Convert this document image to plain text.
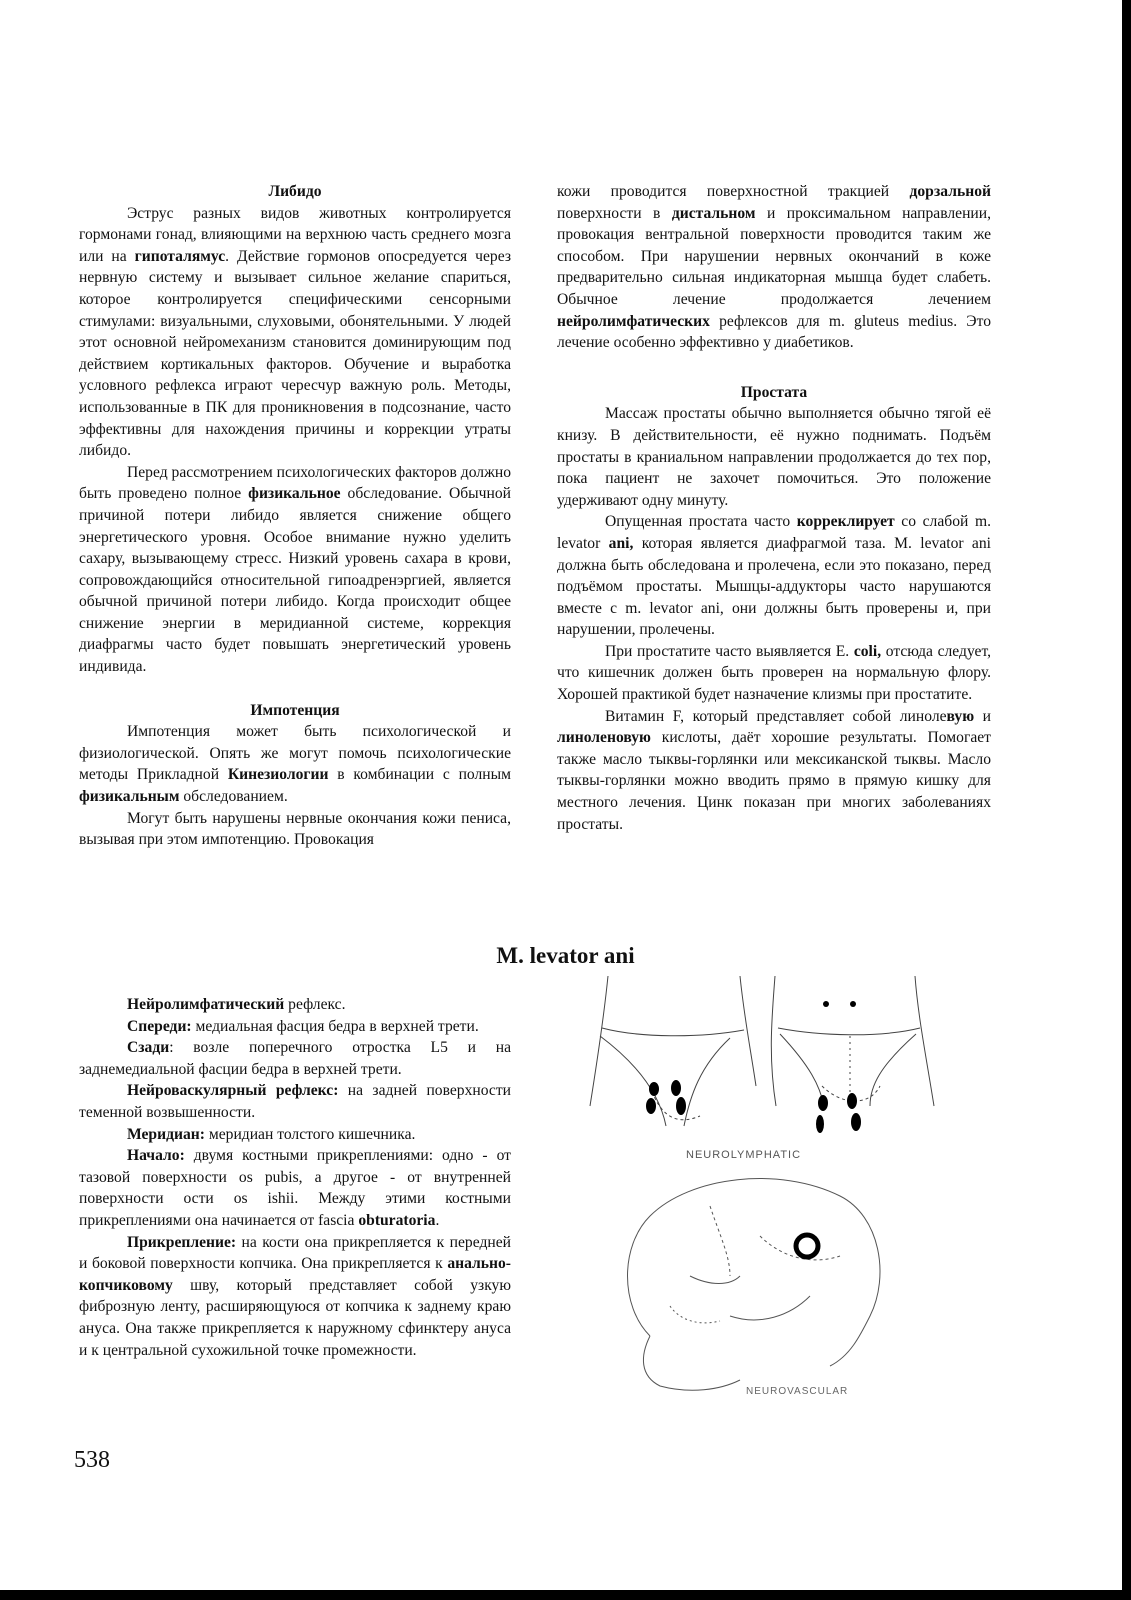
Либидо

Эструс разных видов животных контролируется гормонами гонад, влияющими на верхнюю часть среднего мозга или на гипоталямус. Действие гормонов опосредуется через нервную систему и вызывает сильное желание спариться, которое контролируется специфическими сенсорными стимулами: визуальными, слуховыми, обонятельными. У людей этот основной нейромеханизм становится доминирующим под действием кортикальных факторов. Обучение и выработка условного рефлекса играют чересчур важную роль. Методы, использованные в ПК для проникновения в подсознание, часто эффективны для нахождения причины и коррекции утраты либидо.

Перед рассмотрением психологических факторов должно быть проведено полное физикальное обследование. Обычной причиной потери либидо является снижение общего энергетического уровня. Особое внимание нужно уделить сахару, вызывающему стресс. Низкий уровень сахара в крови, сопровождающийся относительной гипоадренэргией, является обычной причиной потери либидо. Когда происходит общее снижение энергии в меридианной системе, коррекция диафрагмы часто будет повышать энергетический уровень индивида.

Импотенция

Импотенция может быть психологической и физиологической. Опять же могут помочь психологические методы Прикладной Кинезиологии в комбинации с полным физикальным обследованием.

Могут быть нарушены нервные окончания кожи пениса, вызывая при этом импотенцию. Провокация

кожи проводится поверхностной тракцией дорзальной поверхности в дистальном и проксимальном направлении, провокация вентральной поверхности проводится таким же способом. При нарушении нервных окончаний в коже предварительно сильная индикаторная мышца будет слабеть. Обычное лечение продолжается лечением нейролимфатических рефлексов для m. gluteus medius. Это лечение особенно эффективно у диабетиков.

Простата

Массаж простаты обычно выполняется обычно тягой её книзу. В действительности, её нужно поднимать. Подъём простаты в краниальном направлении продолжается до тех пор, пока пациент не захочет помочиться. Это положение удерживают одну минуту.

Опущенная простата часто корреклирует со слабой m. levator ani, которая является диафрагмой таза. M. levator ani должна быть обследована и пролечена, если это показано, перед подъёмом простаты. Мышцы-аддукторы часто нарушаются вместе с m. levator ani, они должны быть проверены и, при нарушении, пролечены.

При простатите часто выявляется E. coli, отсюда следует, что кишечник должен быть проверен на нормальную флору. Хорошей практикой будет назначение клизмы при простатите.

Витамин F, который представляет собой линолевую и линоленовую кислоты, даёт хорошие результаты. Помогает также масло тыквы-горлянки или мексиканской тыквы. Масло тыквы-горлянки можно вводить прямо в прямую кишку для местного лечения. Цинк показан при многих заболеваниях простаты.

M. levator ani

Нейролимфатический рефлекс.

Спереди: медиальная фасция бедра в верхней трети.

Сзади: возле поперечного отростка L5 и на заднемедиальной фасции бедра в верхней трети.

Нейроваскулярный рефлекс: на задней поверхности теменной возвышенности.

Меридиан: меридиан толстого кишечника.

Начало: двумя костными прикреплениями: одно - от тазовой поверхности os pubis, а другое - от внутренней поверхности ости os ishii. Между этими костными прикреплениями она начинается от fascia obturatoria.

Прикрепление: на кости она прикрепляется к передней и боковой поверхности копчика. Она прикрепляется к анально-копчиковому шву, который представляет собой узкую фиброзную ленту, расширяющуюся от копчика к заднему краю ануса. Она также прикрепляется к наружному сфинктеру ануса и к центральной сухожильной точке промежности.

NEUROLYMPHATIC
NEUROVASCULAR
538
